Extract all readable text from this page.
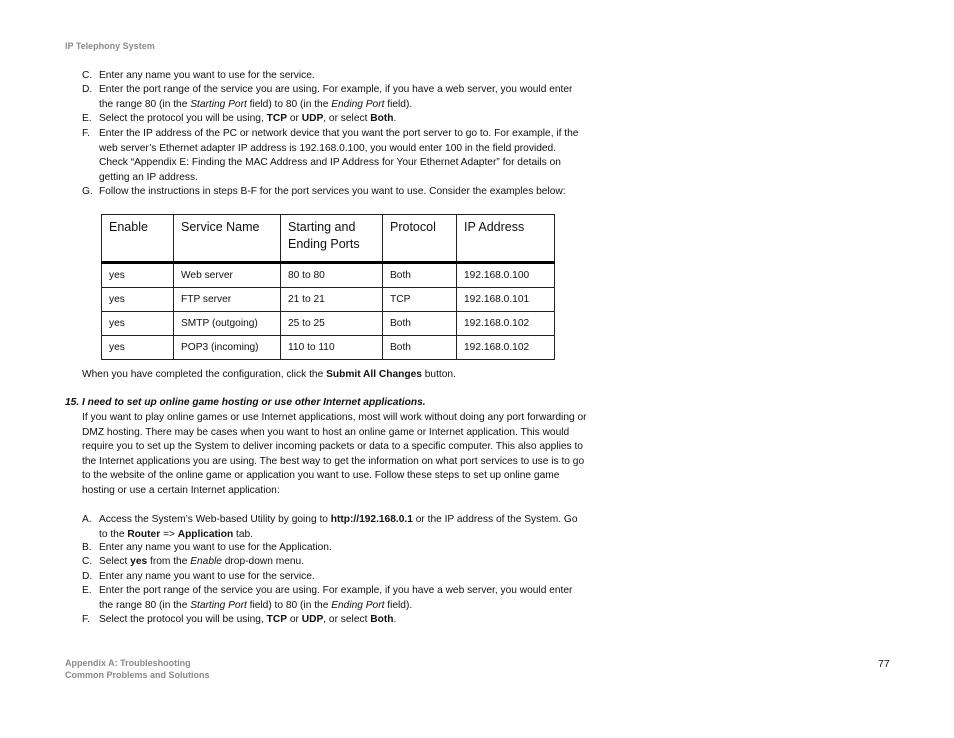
IP Telephony System
C. Enter any name you want to use for the service.
D. Enter the port range of the service you are using. For example, if you have a web server, you would enter the range 80 (in the Starting Port field) to 80 (in the Ending Port field).
E. Select the protocol you will be using, TCP or UDP, or select Both.
F. Enter the IP address of the PC or network device that you want the port server to go to. For example, if the web server’s Ethernet adapter IP address is 192.168.0.100, you would enter 100 in the field provided. Check “Appendix E: Finding the MAC Address and IP Address for Your Ethernet Adapter” for details on getting an IP address.
G. Follow the instructions in steps B-F for the port services you want to use. Consider the examples below:
Enable	Service Name	Starting and Ending Ports	Protocol	IP Address
yes	Web server	80 to 80	Both	192.168.0.100
yes	FTP server	21 to 21	TCP	192.168.0.101
yes	SMTP (outgoing)	25 to 25	Both	192.168.0.102
yes	POP3 (incoming)	110 to 110	Both	192.168.0.102
When you have completed the configuration, click the Submit All Changes button.
15. I need to set up online game hosting or use other Internet applications.
If you want to play online games or use Internet applications, most will work without doing any port forwarding or DMZ hosting. There may be cases when you want to host an online game or Internet application. This would require you to set up the System to deliver incoming packets or data to a specific computer. This also applies to the Internet applications you are using. The best way to get the information on what port services to use is to go to the website of the online game or application you want to use. Follow these steps to set up online game hosting or use a certain Internet application:
A. Access the System’s Web-based Utility by going to http://192.168.0.1 or the IP address of the System. Go to the Router => Application tab.
B. Enter any name you want to use for the Application.
C. Select yes from the Enable drop-down menu.
D. Enter any name you want to use for the service.
E. Enter the port range of the service you are using. For example, if you have a web server, you would enter the range 80 (in the Starting Port field) to 80 (in the Ending Port field).
F. Select the protocol you will be using, TCP or UDP, or select Both.
Appendix A: Troubleshooting
Common Problems and Solutions
77
